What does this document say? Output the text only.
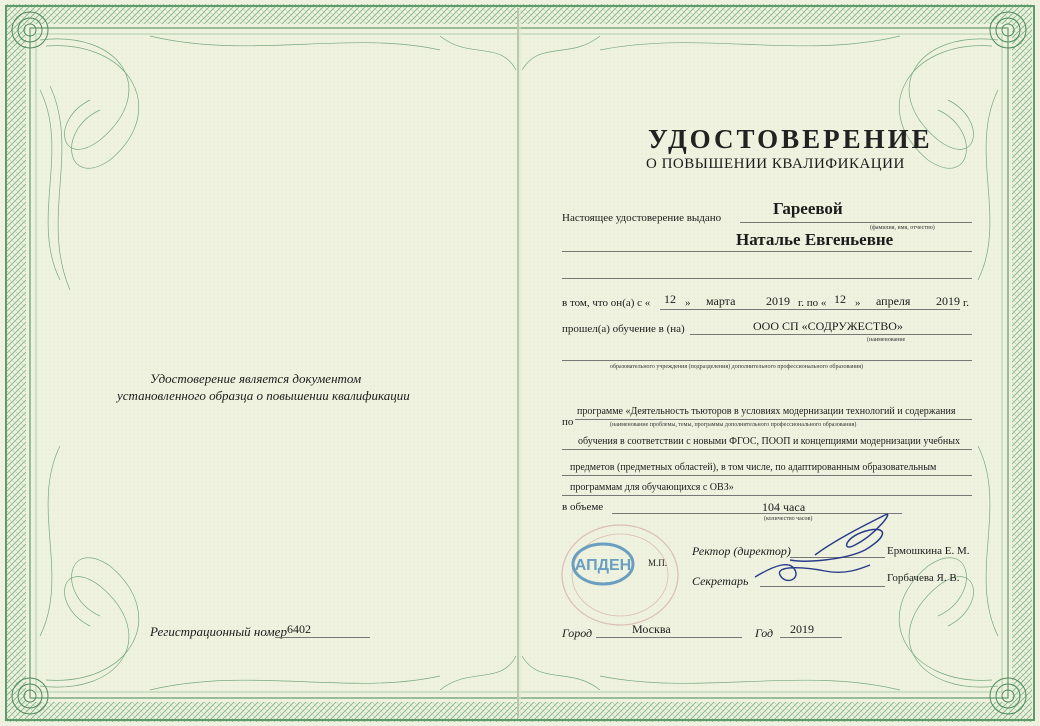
Удостоверение является документом
установленного образца о повышении квалификации
Регистрационный номер 6402
УДОСТОВЕРЕНИЕ
О ПОВЫШЕНИИ КВАЛИФИКАЦИИ
Настоящее удостоверение выдано	Гареевой
(фамилия, имя, отчество)
Наталье Евгеньевне
в том, что он(а) с « 12 » марта	2019 г. по « 12 » апреля 2019 г.
прошел(а) обучение в (на)	ООО СП «СОДРУЖЕСТВО»
(наименование
образовательного учреждения (подразделения) дополнительного профессионального образования)
по
программе «Деятельность тьюторов в условиях модернизации технологий и содержания
(наименование проблемы, темы, программы дополнительного профессионального образования)
обучения в соответствии с новыми ФГОС, ПООП и концепциями модернизации учебных
предметов (предметных областей), в том числе, по адаптированным образовательным
программам для обучающихся с ОВЗ»
в объеме	104 часа
(количество часов)
АПДЕН М.П.
Ректор (директор)	Ермошкина Е. М.
Секретарь	Горбачева Я. В.
Город	Москва	Год 2019
